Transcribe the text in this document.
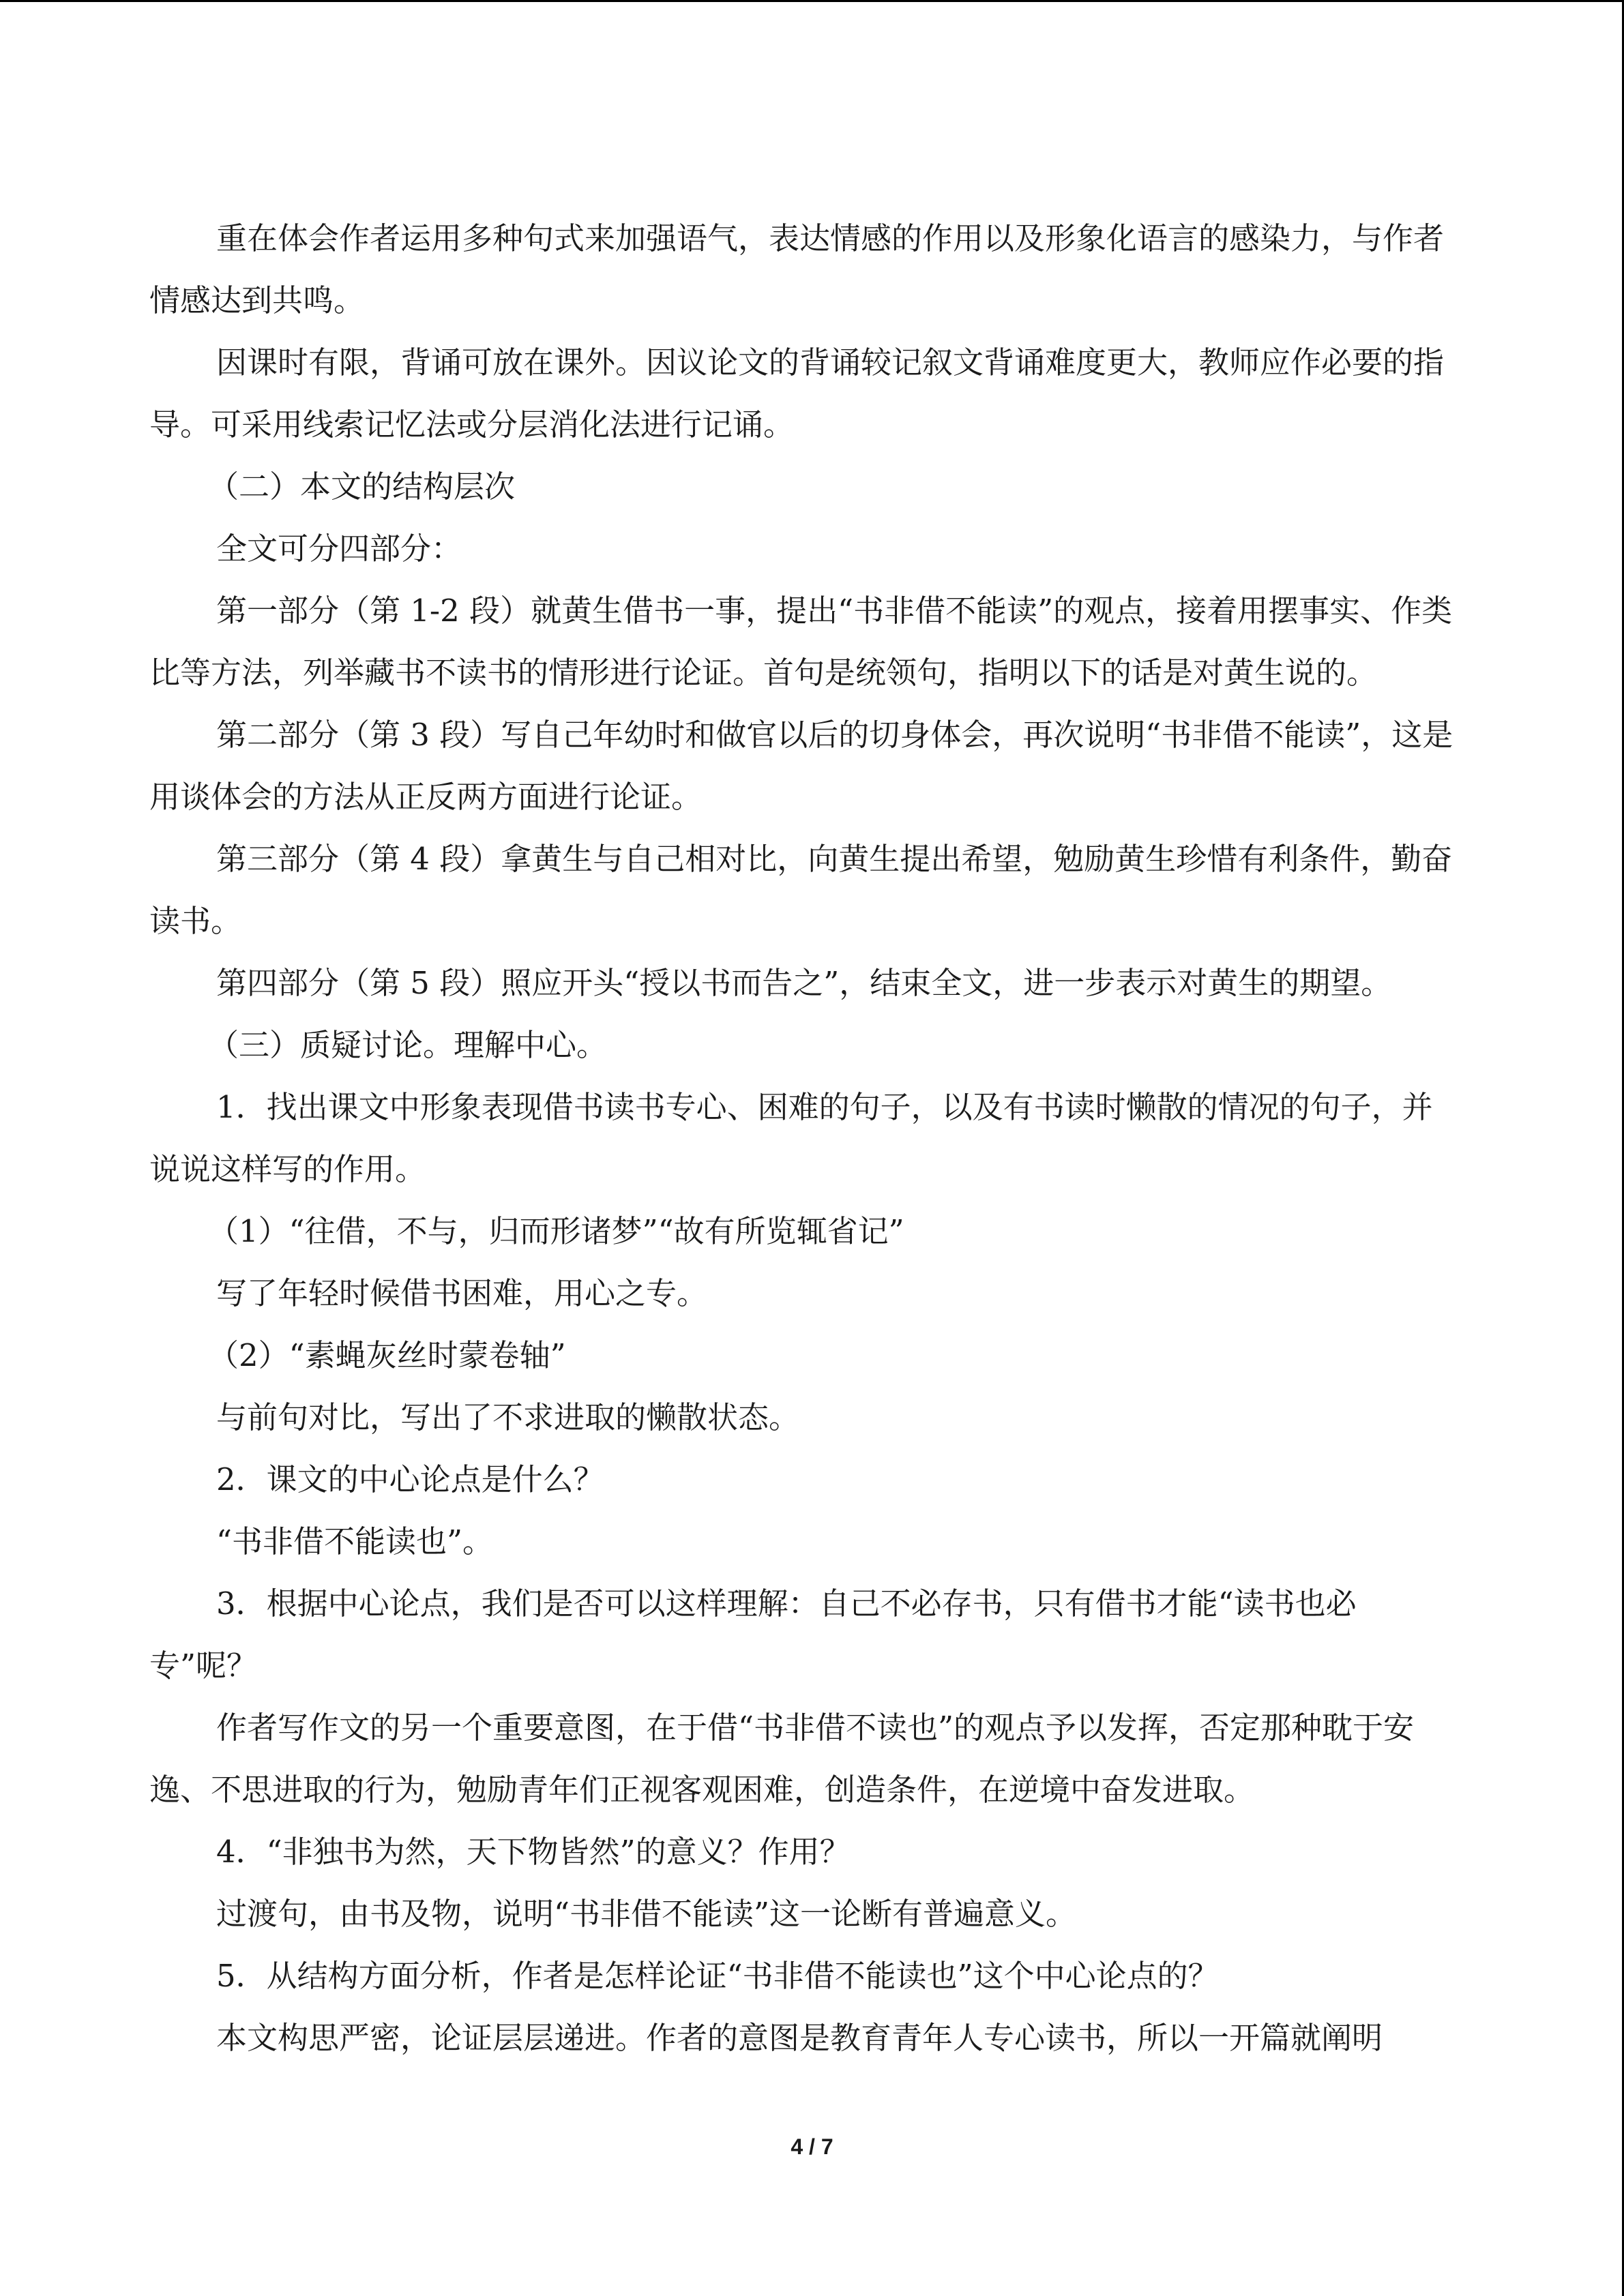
重在体会作者运用多种句式来加强语气，表达情感的作用以及形象化语言的感染力，与作者情感达到共鸣。

因课时有限，背诵可放在课外。因议论文的背诵较记叙文背诵难度更大，教师应作必要的指导。可采用线索记忆法或分层消化法进行记诵。

（二）本文的结构层次

全文可分四部分：

第一部分（第 1-2 段）就黄生借书一事，提出“书非借不能读”的观点，接着用摆事实、作类比等方法，列举藏书不读书的情形进行论证。首句是统领句，指明以下的话是对黄生说的。

第二部分（第 3 段）写自己年幼时和做官以后的切身体会，再次说明“书非借不能读”，这是用谈体会的方法从正反两方面进行论证。

第三部分（第 4 段）拿黄生与自己相对比，向黄生提出希望，勉励黄生珍惜有利条件，勤奋读书。

第四部分（第 5 段）照应开头“授以书而告之”，结束全文，进一步表示对黄生的期望。

（三）质疑讨论。理解中心。

1．找出课文中形象表现借书读书专心、困难的句子，以及有书读时懒散的情况的句子，并说说这样写的作用。

（1）“往借，不与，归而形诸梦”“故有所览辄省记”

写了年轻时候借书困难，用心之专。

（2）“素蝇灰丝时蒙卷轴”

与前句对比，写出了不求进取的懒散状态。

2．课文的中心论点是什么？

“书非借不能读也”。

3．根据中心论点，我们是否可以这样理解：自己不必存书，只有借书才能“读书也必专”呢？

作者写作文的另一个重要意图，在于借“书非借不读也”的观点予以发挥，否定那种耽于安逸、不思进取的行为，勉励青年们正视客观困难，创造条件，在逆境中奋发进取。

4．“非独书为然，天下物皆然”的意义？作用？

过渡句，由书及物，说明“书非借不能读”这一论断有普遍意义。

5．从结构方面分析，作者是怎样论证“书非借不能读也”这个中心论点的？

本文构思严密，论证层层递进。作者的意图是教育青年人专心读书，所以一开篇就阐明

4 / 7
